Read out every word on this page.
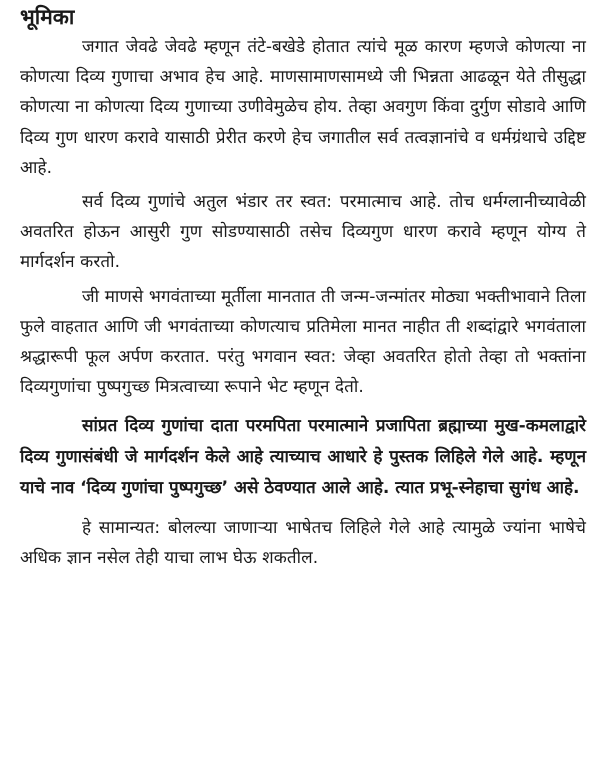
भूमिका

जगात जेवढे जेवढे म्हणून तंटे-बखेडे होतात त्यांचे मूळ कारण म्हणजे कोणत्या ना कोणत्या दिव्य गुणाचा अभाव हेच आहे. माणसामाणसामध्ये जी भिन्नता आढळून येते तीसुद्धा कोणत्या ना कोणत्या दिव्य गुणाच्या उणीवेमुळेच होय. तेव्हा अवगुण किंवा दुर्गुण सोडावे आणि दिव्य गुण धारण करावे यासाठी प्रेरीत करणे हेच जगातील सर्व तत्वज्ञानांचे व धर्मग्रंथाचे उद्दिष्ट आहे.

सर्व दिव्य गुणांचे अतुल भंडार तर स्वत: परमात्माच आहे. तोच धर्मग्लानीच्यावेळी अवतरित होऊन आसुरी गुण सोडण्यासाठी तसेच दिव्यगुण धारण करावे म्हणून योग्य ते मार्गदर्शन करतो.

जी माणसे भगवंताच्या मूर्तीला मानतात ती जन्म-जन्मांतर मोठ्या भक्तीभावाने तिला फुले वाहतात आणि जी भगवंताच्या कोणत्याच प्रतिमेला मानत नाहीत ती शब्दांद्वारे भगवंताला श्रद्धारूपी फूल अर्पण करतात. परंतु भगवान स्वत: जेव्हा अवतरित होतो तेव्हा तो भक्तांना दिव्यगुणांचा पुष्पगुच्छ मित्रत्वाच्या रूपाने भेट म्हणून देतो.

सांप्रत दिव्य गुणांचा दाता परमपिता परमात्माने प्रजापिता ब्रह्माच्या मुख-कमलाद्वारे दिव्य गुणासंबंधी जे मार्गदर्शन केले आहे त्याच्याच आधारे हे पुस्तक लिहिले गेले आहे. म्हणून याचे नाव ‘दिव्य गुणांचा पुष्पगुच्छ’ असे ठेवण्यात आले आहे. त्यात प्रभू-स्नेहाचा सुगंध आहे.

हे सामान्यत: बोलल्या जाणाऱ्या भाषेतच लिहिले गेले आहे त्यामुळे ज्यांना भाषेचे अधिक ज्ञान नसेल तेही याचा लाभ घेऊ शकतील.
